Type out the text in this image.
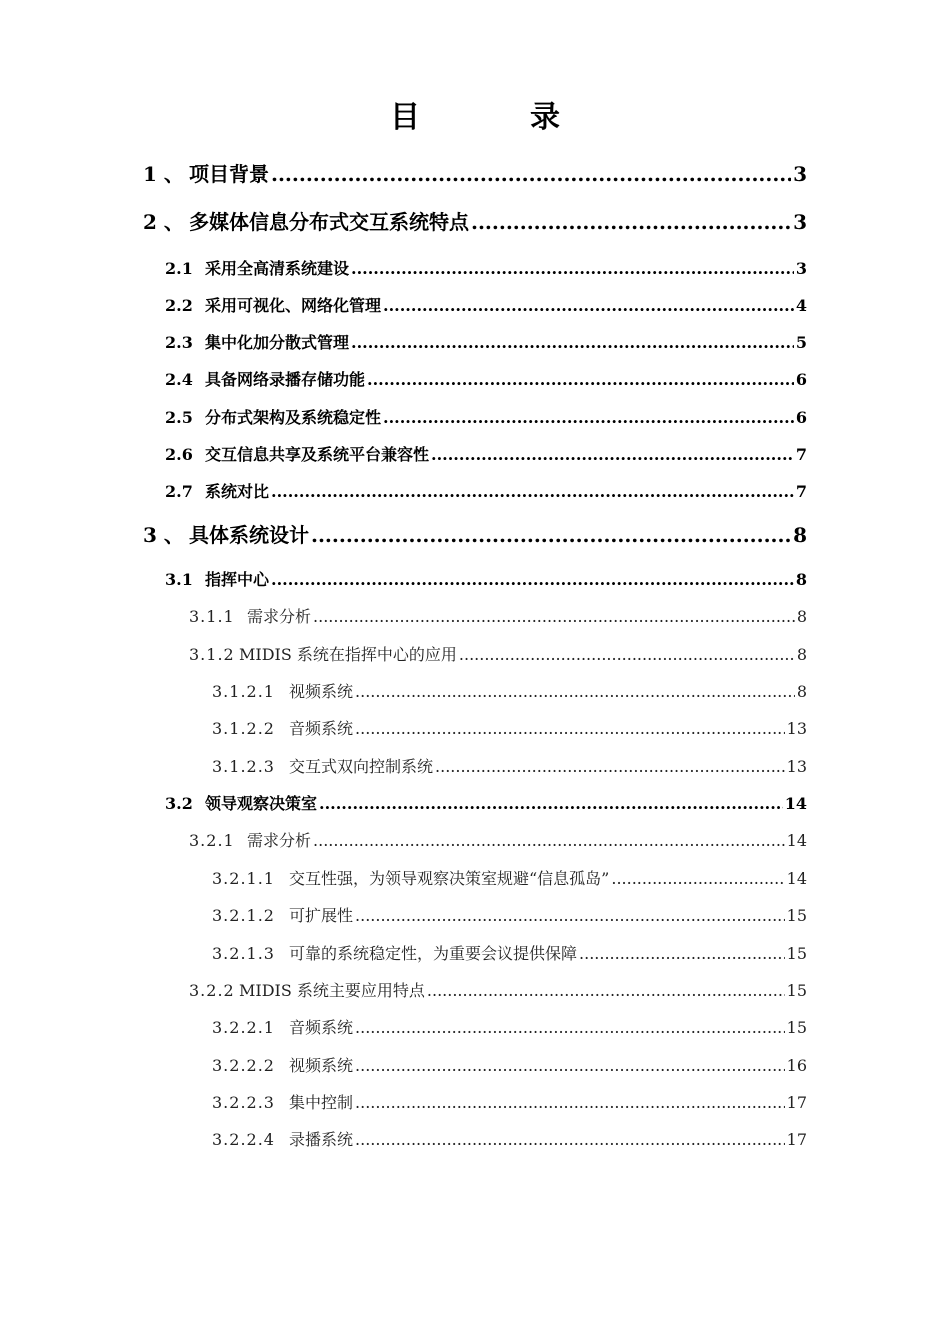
目　录
1 、 项目背景 .....	3
2 、 多媒体信息分布式交互系统特点 .....	3
2.1 采用全高清系统建设 .....	3
2.2 采用可视化、网络化管理 .....	4
2.3 集中化加分散式管理 .....	5
2.4 具备网络录播存储功能 .....	6
2.5 分布式架构及系统稳定性 .....	6
2.6 交互信息共享及系统平台兼容性 .....	7
2.7 系统对比 .....	7
3 、 具体系统设计 .....	8
3.1 指挥中心 .....	8
3.1.1 需求分析 .....	8
3.1.2 MIDIS 系统在指挥中心的应用 .....	8
3.1.2.1 视频系统 .....	8
3.1.2.2 音频系统 .....	13
3.1.2.3 交互式双向控制系统 .....	13
3.2 领导观察决策室 .....	14
3.2.1 需求分析 .....	14
3.2.1.1 交互性强，为领导观察决策室规避“信息孤岛” .....	14
3.2.1.2 可扩展性 .....	15
3.2.1.3 可靠的系统稳定性，为重要会议提供保障 .....	15
3.2.2 MIDIS 系统主要应用特点 .....	15
3.2.2.1 音频系统 .....	15
3.2.2.2 视频系统 .....	16
3.2.2.3 集中控制 .....	17
3.2.2.4 录播系统 .....	17
